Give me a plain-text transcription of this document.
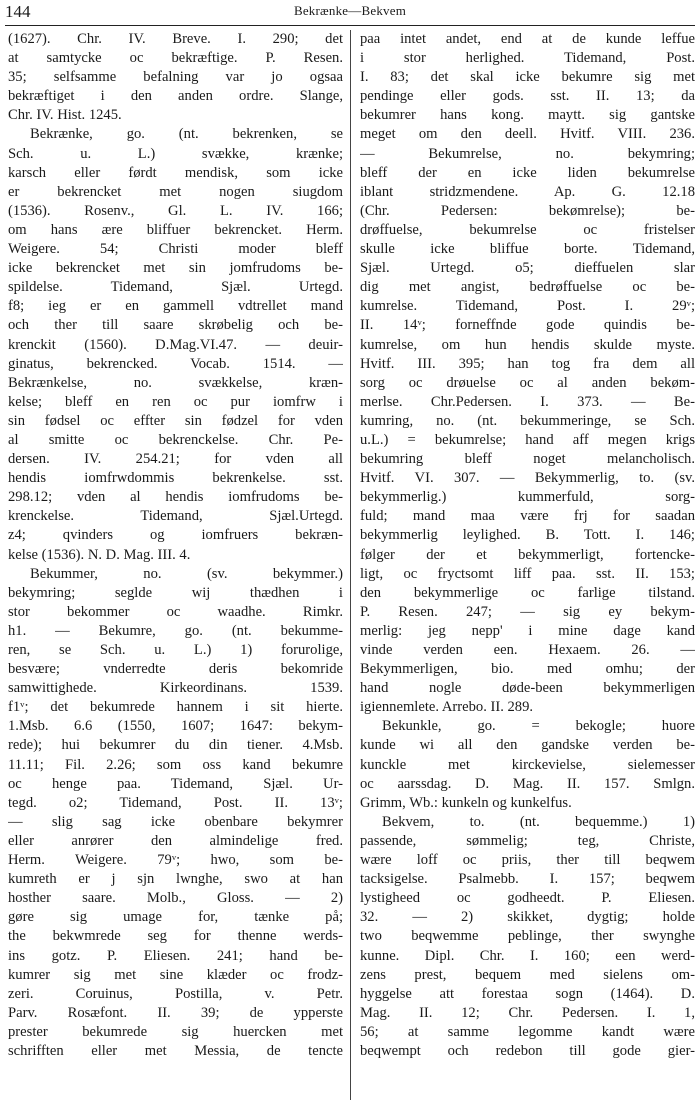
144	Bekrænke—Bekvem
(1627). Chr. IV. Breve. I. 290; det
at samtycke oc bekræftige. P. Resen.
35; selfsamme befalning var jo ogsaa
bekræftiget i den anden ordre. Slange,
Chr. IV. Hist. 1245.
Bekrænke, go. (nt. bekrenken, se
Sch. u. L.) svække, krænke;
karsch eller førdt mendisk, som icke
er bekrencket met nogen siugdom
(1536). Rosenv., Gl. L. IV. 166;
om hans ære bliffuer bekrencket. Herm.
Weigere. 54; Christi moder bleff
icke bekrencket met sin jomfrudoms be-
spildelse. Tidemand, Sjæl. Urtegd.
f8; ieg er en gammell vdtrellet mand
och ther till saare skrøbelig och be-
krenckit (1560). D.Mag.VI.47. — deuir-
ginatus, bekrencked. Vocab. 1514. —
Bekrænkelse, no. svækkelse, kræn-
kelse; bleff en ren oc pur iomfrw i
sin fødsel oc effter sin fødzel for vden
al smitte oc bekrenckelse. Chr. Pe-
dersen. IV. 254.21; for vden all
hendis iomfrwdommis bekrenkelse. sst.
298.12; vden al hendis iomfrudoms be-
krenckelse. Tidemand, Sjæl.Urtegd.
z4; qvinders og iomfruers bekræn-
kelse (1536). N. D. Mag. III. 4.
Bekummer, no. (sv. bekymmer.)
bekymring; seglde wij thædhen i
stor bekommer oc waadhe. Rimkr.
h1. — Bekumre, go. (nt. bekummе-
ren, se Sch. u. L.) 1) forurolige,
besvære; vnderredte deris bekomride
samwittighede. Kirkeordinans. 1539.
f1ᵛ; det bekumrede hannem i sit hierte.
1.Msb. 6.6 (1550, 1607; 1647: bekym-
rede); hui bekumrer du din tiener. 4.Msb.
11.11; Fil. 2.26; som oss kand bekumre
oc henge paa. Tidemand, Sjæl. Ur-
tegd. o2; Tidemand, Post. II. 13ᵛ;
— slig sag icke obenbare bekymrer
eller anrører den almindelige fred.
Herm. Weigere. 79ᵛ; hwo, som be-
kumreth er j sjn lwnghe, swo at han
hosther saare. Molb., Gloss. — 2)
gøre sig umage for, tænke på;
the bekwmrede seg for thenne werds-
ins gotz. P. Eliesen. 241; hand be-
kumrer sig met sine klæder oc frodz-
zeri. Coruinus, Postilla, v. Petr.
Parv. Rosæfont. II. 39; de ypperste
prester bekumrede sig huercken met
schrifften eller met Messia, de tencte
paa intet andet, end at de kunde leffue
i stor herlighed. Tidemand, Post.
I. 83; det skal icke bekumre sig met
pendinge eller gods. sst. II. 13; da
bekumrer hans kong. maytt. sig gantske
meget om den deell. Hvitf. VIII. 236.
— Bekumrelse, no. bekymring;
bleff der en icke liden bekumrelse
iblant stridzmendene. Ap. G. 12.18
(Chr. Pedersen: bekømrelse); be-
drøffuelse, bekumrelse oc fristelser
skulle icke bliffue borte. Tidemand,
Sjæl. Urtegd. o5; dieffuelen slar
dig met angist, bedrøffuelse oc be-
kumrelse. Tidemand, Post. I. 29ᵛ;
II. 14ᵛ; forneffnde gode quindis be-
kumrelse, om hun hendis skulde myste.
Hvitf. III. 395; han tog fra dem all
sorg oc drøuelse oc al anden bekøm-
merlse. Chr.Pedersen. I. 373. — Be-
kumring, no. (nt. bekummeringe, se Sch.
u.L.) = bekumrelse; hand aff megen krigs
bekumring bleff noget melancholisch.
Hvitf. VI. 307. — Bekymmerlig, to. (sv.
bekymmerlig.) kummerfuld, sorg-
fuld; mand maa være frj for saadan
bekymmerlig leylighed. B. Tott. I. 146;
følger der et bekymmerligt, fortencke-
ligt, oc fryctsomt liff paa. sst. II. 153;
den bekymmerlige oc farlige tilstand.
P. Resen. 247; — sig ey bekym-
merlig: jeg nepp' i mine dage kand
vinde verden een. Hexaem. 26. —
Bekymmerligen, bio. med omhu; der
hand nogle døde-been bekymmerligen
igiennemlete. Arrebo. II. 289.
Bekunkle, go. = bekogle; huore
kunde wi all den gandske verden be-
kunckle met kirckevielse, sielemesser
oc aarssdag. D. Mag. II. 157. Smlgn.
Grimm, Wb.: kunkeln og kunkelfus.
Bekvem, to. (nt. bequemme.) 1)
passende, sømmelig; teg, Christe,
wære loff oc priis, ther till beqwem
tacksigelse. Psalmebb. I. 157; beqwem
lystigheed oc godheedt. P. Eliesen.
32. — 2) skikket, dygtig; holde
two beqwemme peblinge, ther swynghe
kunne. Dipl. Chr. I. 160; een werd-
zens prest, bequem med sielens om-
hyggelse att forestaa sogn (1464). D.
Mag. II. 12; Chr. Pedersen. I. 1,
56; at samme legomme kandt wære
beqwempt och redebon till gode gier-
